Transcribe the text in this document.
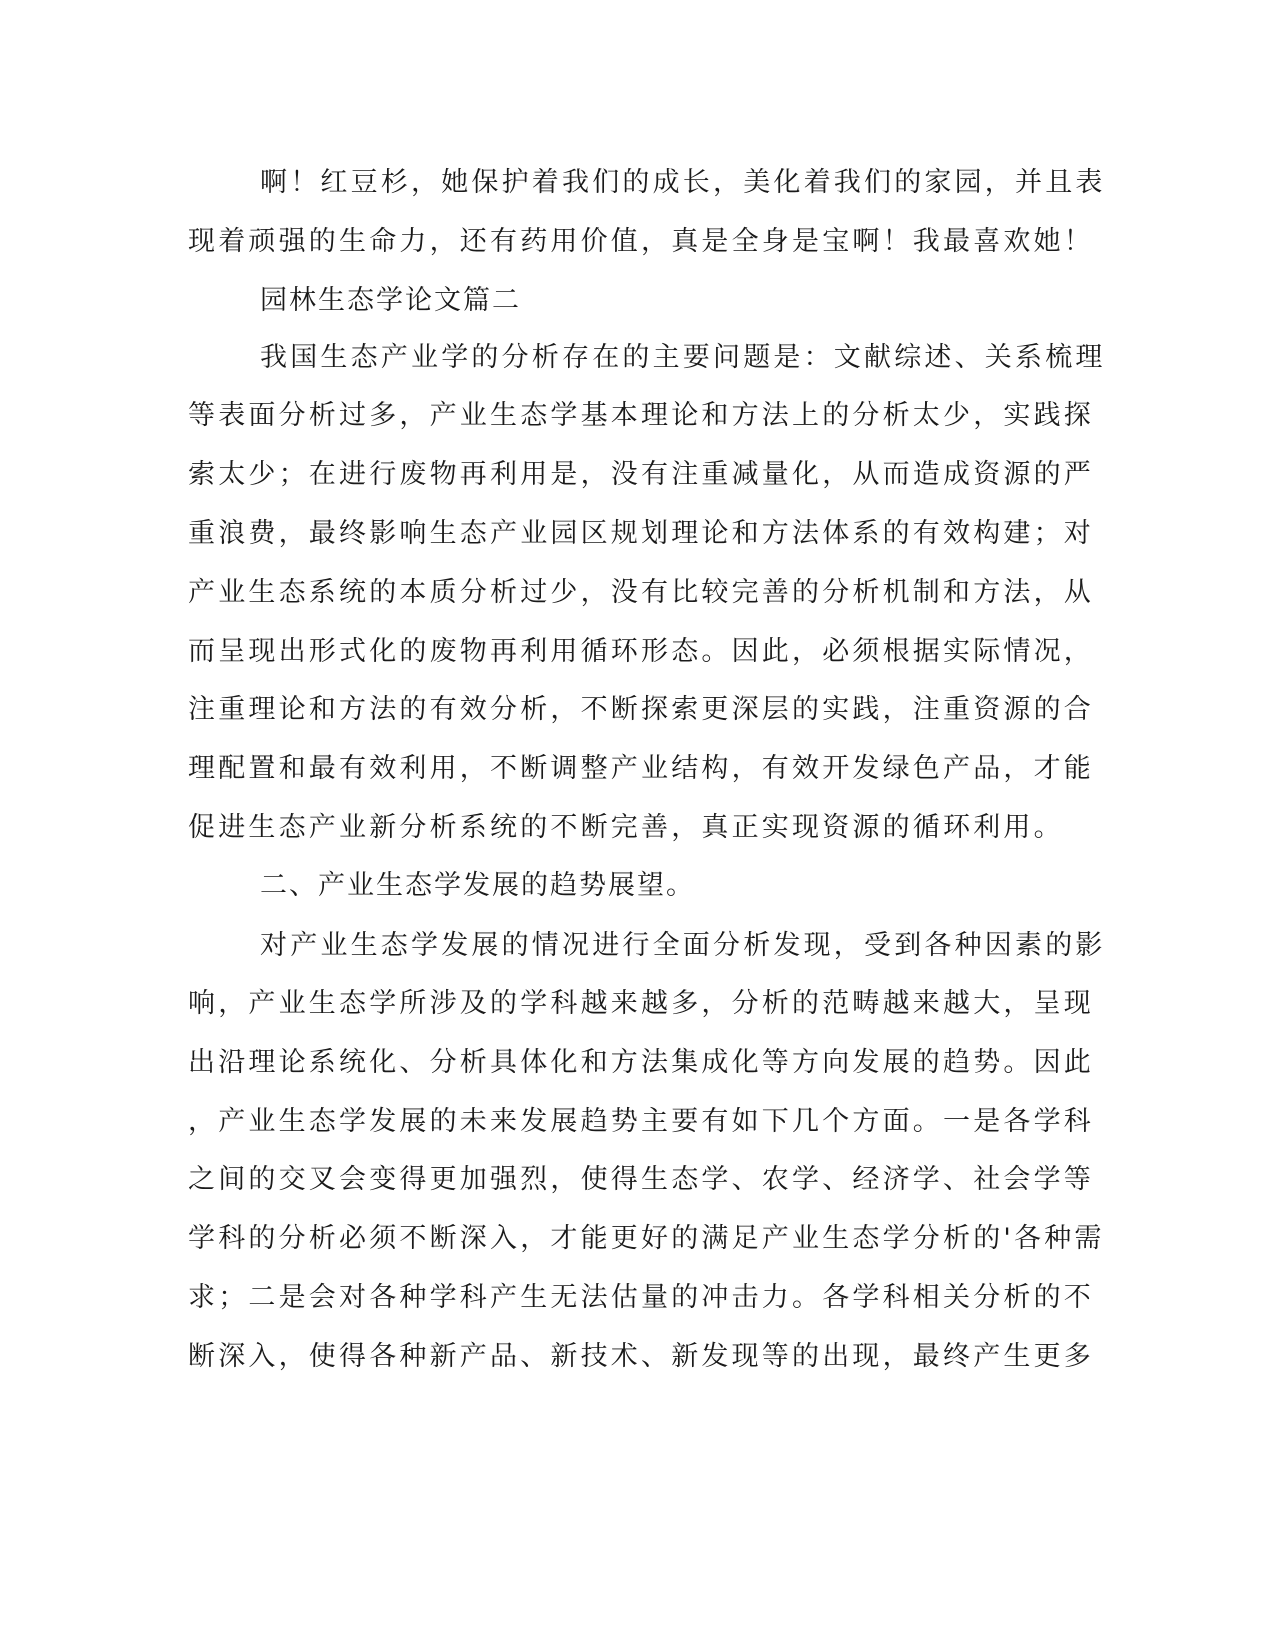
啊！红豆杉，她保护着我们的成长，美化着我们的家园，并且表

现着顽强的生命力，还有药用价值，真是全身是宝啊！我最喜欢她！

园林生态学论文篇二

我国生态产业学的分析存在的主要问题是：文献综述、关系梳理

等表面分析过多，产业生态学基本理论和方法上的分析太少，实践探

索太少；在进行废物再利用是，没有注重减量化，从而造成资源的严

重浪费，最终影响生态产业园区规划理论和方法体系的有效构建；对

产业生态系统的本质分析过少，没有比较完善的分析机制和方法，从

而呈现出形式化的废物再利用循环形态。因此，必须根据实际情况，

注重理论和方法的有效分析，不断探索更深层的实践，注重资源的合

理配置和最有效利用，不断调整产业结构，有效开发绿色产品，才能

促进生态产业新分析系统的不断完善，真正实现资源的循环利用。

二、产业生态学发展的趋势展望。

对产业生态学发展的情况进行全面分析发现，受到各种因素的影

响，产业生态学所涉及的学科越来越多，分析的范畴越来越大，呈现

出沿理论系统化、分析具体化和方法集成化等方向发展的趋势。因此

，产业生态学发展的未来发展趋势主要有如下几个方面。一是各学科

之间的交叉会变得更加强烈，使得生态学、农学、经济学、社会学等

学科的分析必须不断深入，才能更好的满足产业生态学分析的'各种需

求；二是会对各种学科产生无法估量的冲击力。各学科相关分析的不

断深入，使得各种新产品、新技术、新发现等的出现，最终产生更多
